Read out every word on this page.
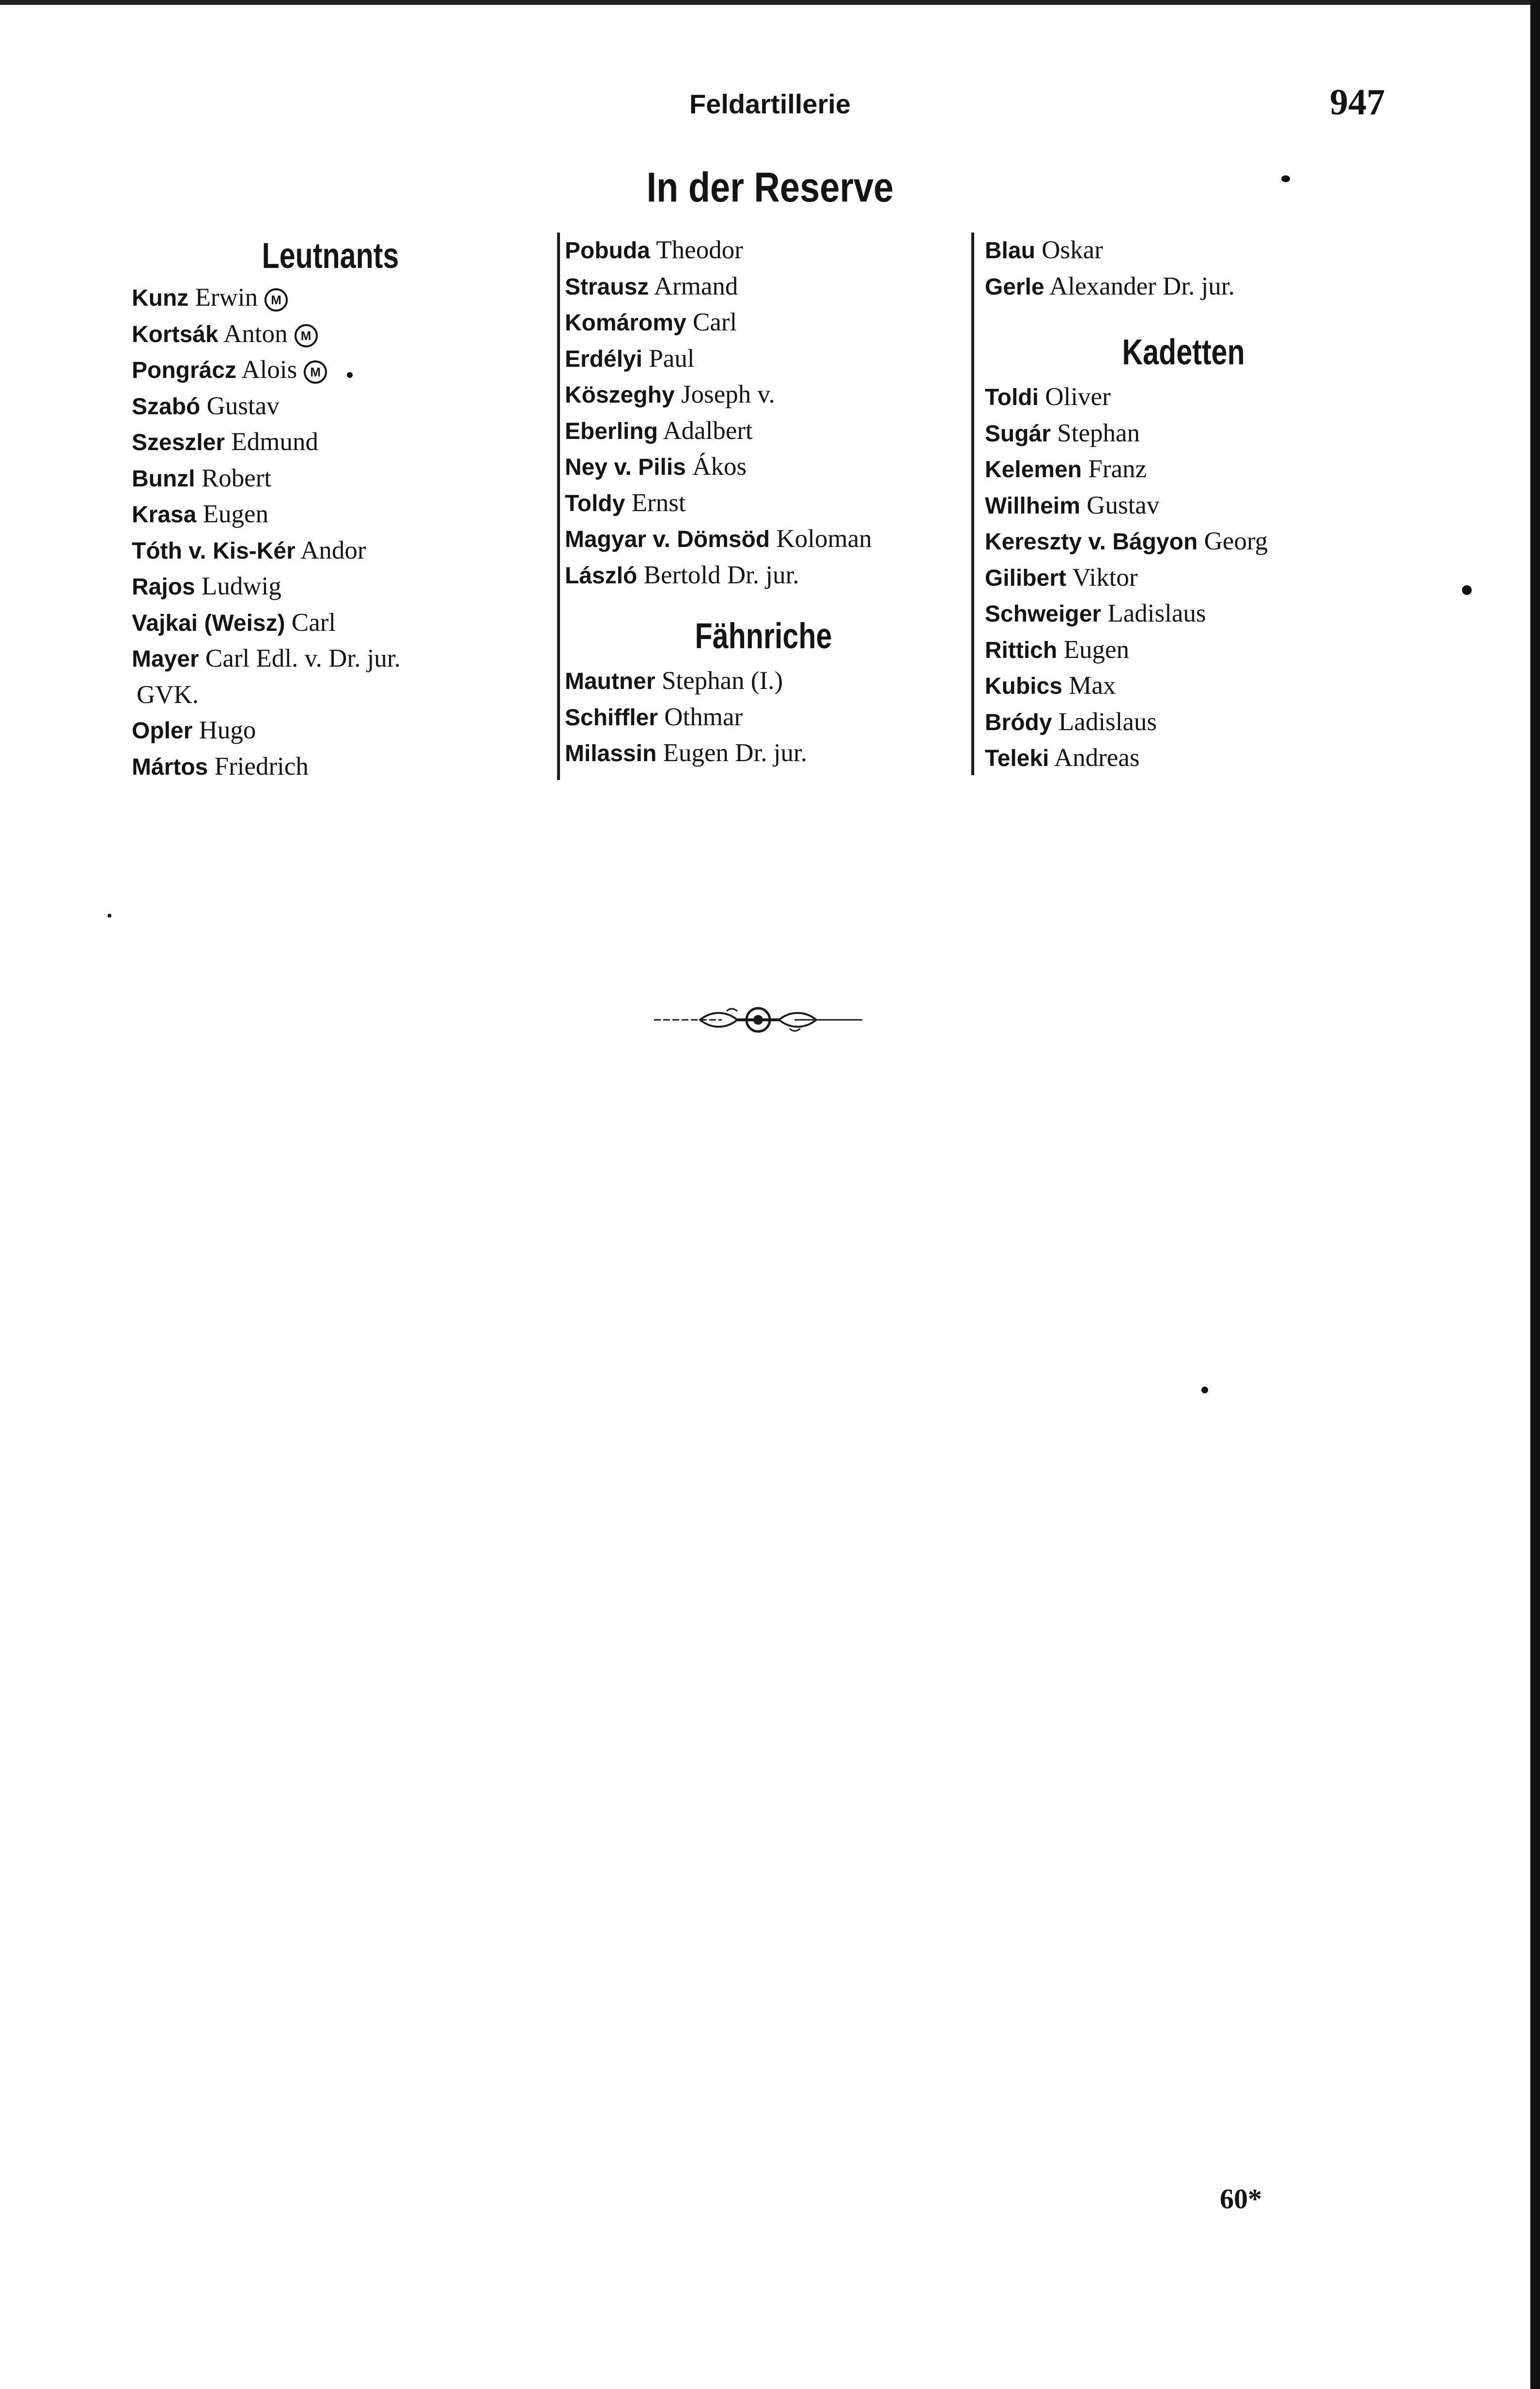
Feldartillerie	947
In der Reserve
Leutnants
Kunz Erwin M
Kortsák Anton M
Pongrácz Alois M
Szabó Gustav
Szeszler Edmund
Bunzl Robert
Krasa Eugen
Tóth v. Kis-Kér Andor
Rajos Ludwig
Vajkai (Weisz) Carl
Mayer Carl Edl. v. Dr. jur.
GVK.
Opler Hugo
Mártos Friedrich
Pobuda Theodor
Strausz Armand
Komáromy Carl
Erdélyi Paul
Köszeghy Joseph v.
Eberling Adalbert
Ney v. Pilis Ákos
Toldy Ernst
Magyar v. Dömsöd Koloman
László Bertold Dr. jur.
Fähnriche
Mautner Stephan (I.)
Schiffler Othmar
Milassin Eugen Dr. jur.
Blau Oskar
Gerle Alexander Dr. jur.
Kadetten
Toldi Oliver
Sugár Stephan
Kelemen Franz
Willheim Gustav
Kereszty v. Bágyon Georg
Gilibert Viktor
Schweiger Ladislaus
Rittich Eugen
Kubics Max
Bródy Ladislaus
Teleki Andreas
60*
